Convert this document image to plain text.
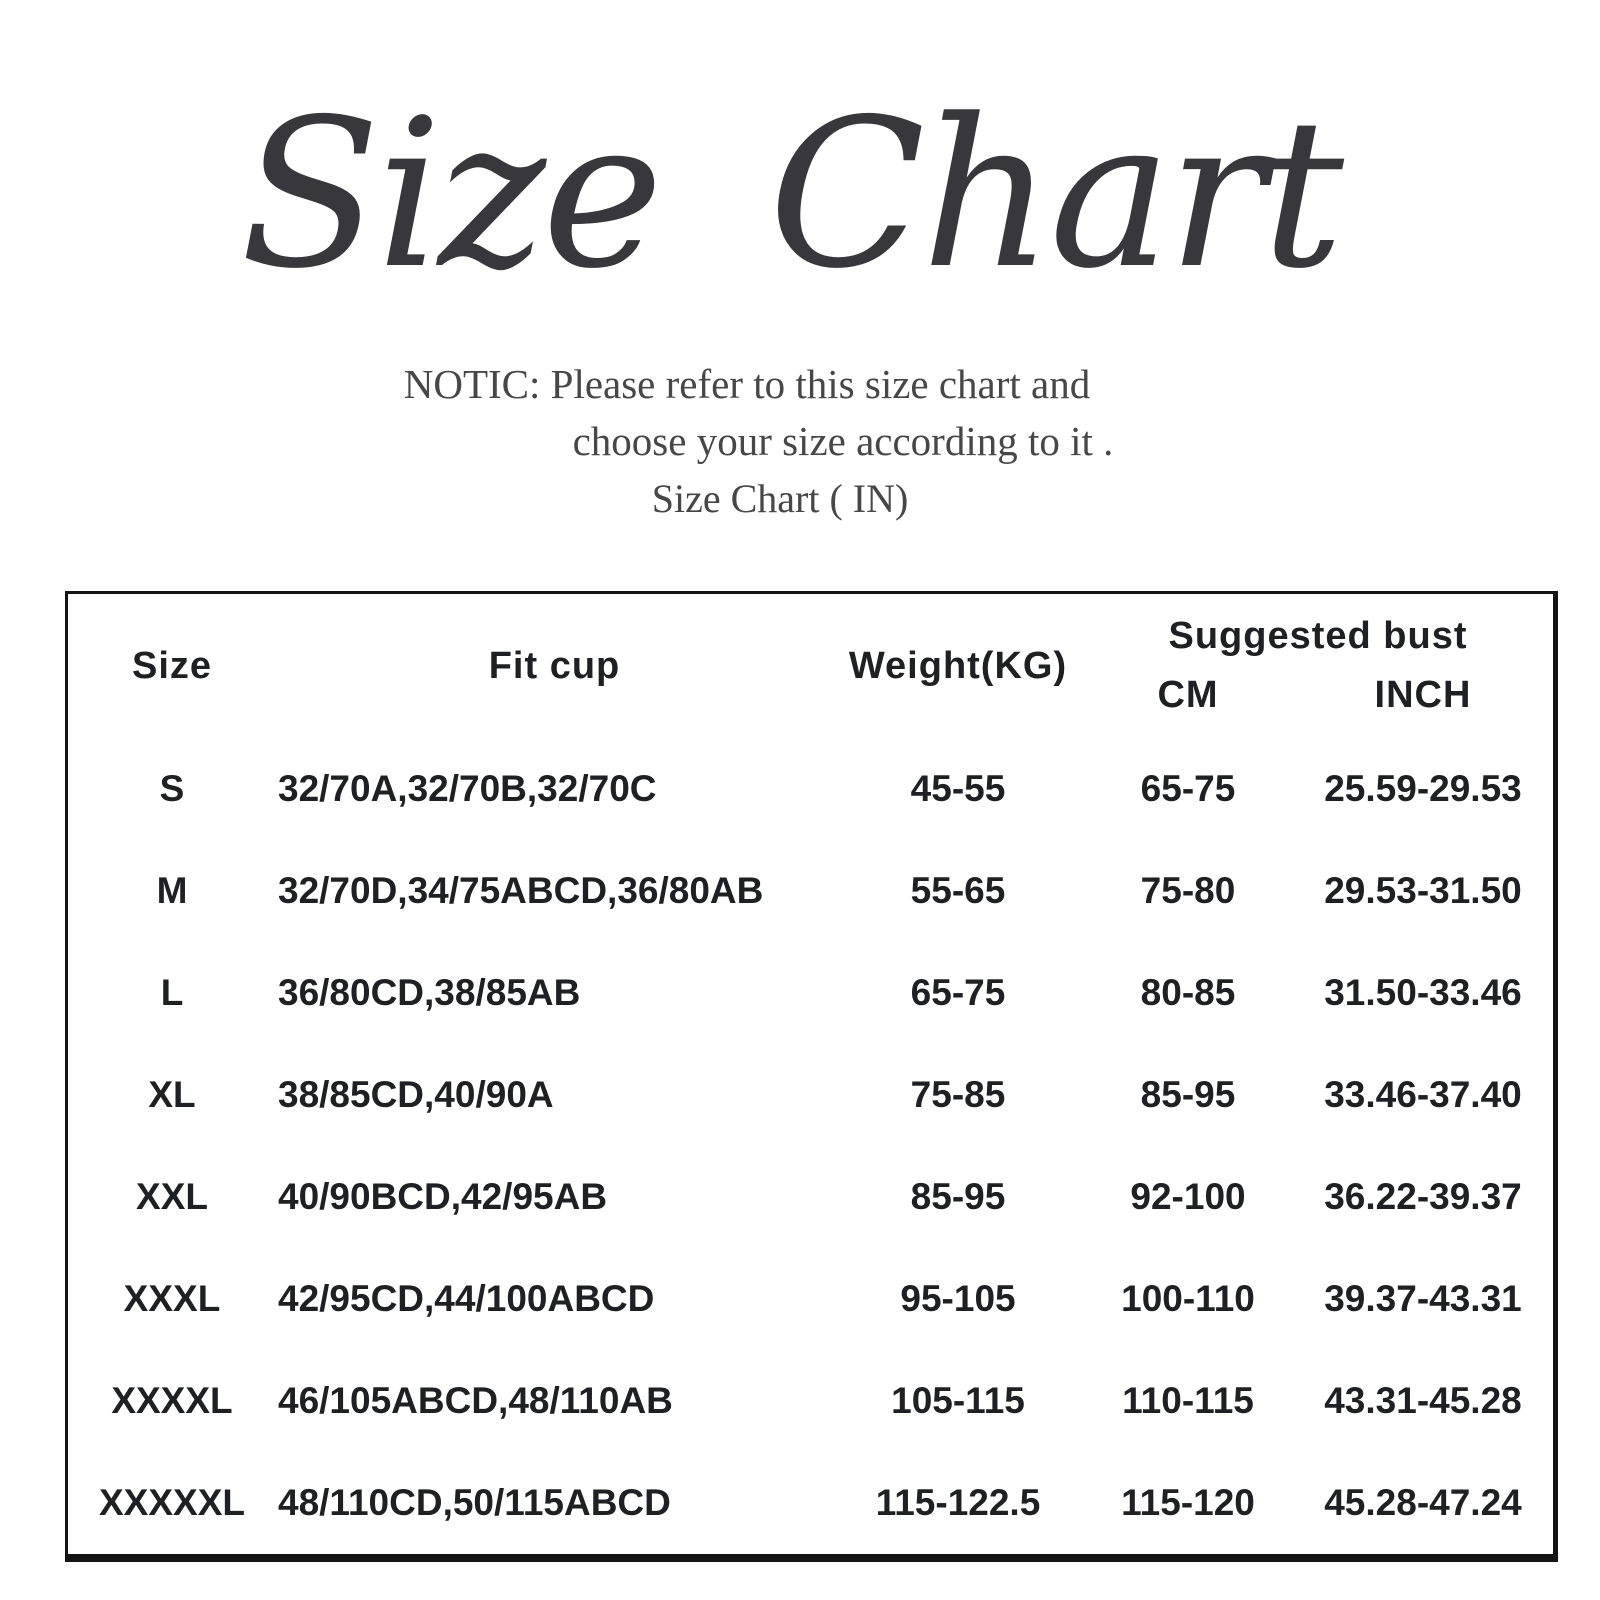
Size Chart
NOTIC: Please refer to this size chart and
choose your size according to it .
Size Chart ( IN)
Size	Fit cup	Weight(KG)
Suggested bust
CM	INCH
S	32/70A,32/70B,32/70C	45-55	65-75	25.59-29.53
M	32/70D,34/75ABCD,36/80AB	55-65	75-80	29.53-31.50
L	36/80CD,38/85AB	65-75	80-85	31.50-33.46
XL	38/85CD,40/90A	75-85	85-95	33.46-37.40
XXL	40/90BCD,42/95AB	85-95	92-100	36.22-39.37
XXXL	42/95CD,44/100ABCD	95-105	100-110	39.37-43.31
XXXXL	46/105ABCD,48/110AB	105-115	110-115	43.31-45.28
XXXXXL 48/110CD,50/115ABCD	115-122.5	115-120	45.28-47.24
